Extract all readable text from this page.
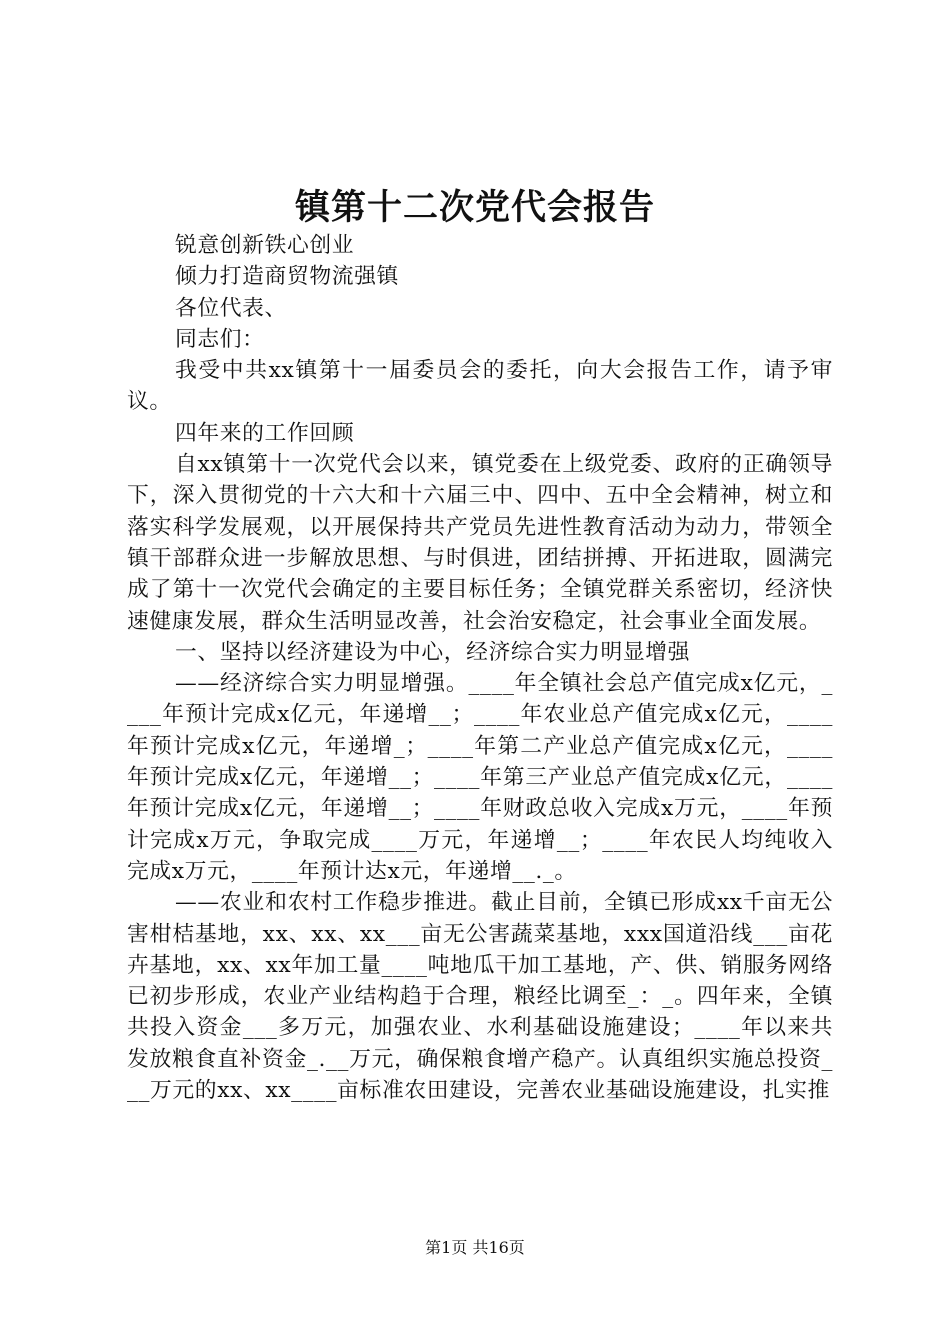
镇第十二次党代会报告

锐意创新铁心创业

倾力打造商贸物流强镇

各位代表、

同志们：

我受中共xx镇第十一届委员会的委托，向大会报告工作，请予审议。

四年来的工作回顾

自xx镇第十一次党代会以来，镇党委在上级党委、政府的正确领导下，深入贯彻党的十六大和十六届三中、四中、五中全会精神，树立和落实科学发展观，以开展保持共产党员先进性教育活动为动力，带领全镇干部群众进一步解放思想、与时俱进，团结拼搏、开拓进取，圆满完成了第十一次党代会确定的主要目标任务；全镇党群关系密切，经济快速健康发展，群众生活明显改善，社会治安稳定，社会事业全面发展。

一、坚持以经济建设为中心，经济综合实力明显增强

——经济综合实力明显增强。____年全镇社会总产值完成x亿元，____年预计完成x亿元，年递增__；____年农业总产值完成x亿元，____年预计完成x亿元，年递增_；____年第二产业总产值完成x亿元，____年预计完成x亿元，年递增__；____年第三产业总产值完成x亿元，____年预计完成x亿元，年递增__；____年财政总收入完成x万元，____年预计完成x万元，争取完成____万元，年递增__；____年农民人均纯收入完成x万元，____年预计达x元，年递增__._。

——农业和农村工作稳步推进。截止目前，全镇已形成xx千亩无公害柑桔基地，xx、xx、xx___亩无公害蔬菜基地，xxx国道沿线___亩花卉基地，xx、xx年加工量____吨地瓜干加工基地，产、供、销服务网络已初步形成，农业产业结构趋于合理，粮经比调至_：_。四年来，全镇共投入资金___多万元，加强农业、水利基础设施建设；____年以来共发放粮食直补资金_.__万元，确保粮食增产稳产。认真组织实施总投资___万元的xx、xx____亩标准农田建设，完善农业基础设施建设，扎实推

第1页 共16页
